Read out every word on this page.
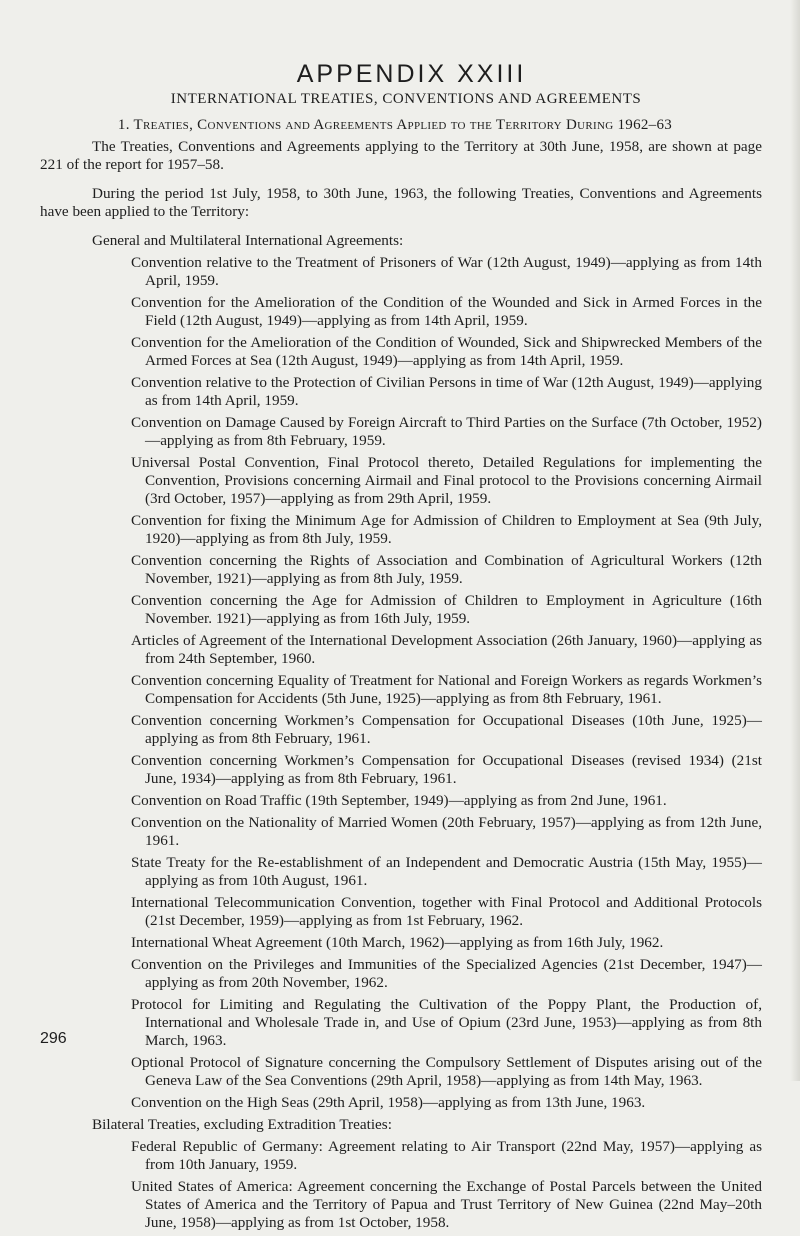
APPENDIX XXIII
INTERNATIONAL TREATIES, CONVENTIONS AND AGREEMENTS
1. Treaties, Conventions and Agreements Applied to the Territory During 1962–63

The Treaties, Conventions and Agreements applying to the Territory at 30th June, 1958, are shown at page 221 of the report for 1957–58.

During the period 1st July, 1958, to 30th June, 1963, the following Treaties, Conventions and Agreements have been applied to the Territory:

General and Multilateral International Agreements:

Convention relative to the Treatment of Prisoners of War (12th August, 1949)—applying as from 14th April, 1959.

Convention for the Amelioration of the Condition of the Wounded and Sick in Armed Forces in the Field (12th August, 1949)—applying as from 14th April, 1959.

Convention for the Amelioration of the Condition of Wounded, Sick and Shipwrecked Members of the Armed Forces at Sea (12th August, 1949)—applying as from 14th April, 1959.

Convention relative to the Protection of Civilian Persons in time of War (12th August, 1949)—applying as from 14th April, 1959.

Convention on Damage Caused by Foreign Aircraft to Third Parties on the Surface (7th October, 1952)—applying as from 8th February, 1959.

Universal Postal Convention, Final Protocol thereto, Detailed Regulations for implementing the Convention, Provisions concerning Airmail and Final protocol to the Provisions concerning Airmail (3rd October, 1957)—applying as from 29th April, 1959.

Convention for fixing the Minimum Age for Admission of Children to Employment at Sea (9th July, 1920)—applying as from 8th July, 1959.

Convention concerning the Rights of Association and Combination of Agricultural Workers (12th November, 1921)—applying as from 8th July, 1959.

Convention concerning the Age for Admission of Children to Employment in Agriculture (16th November. 1921)—applying as from 16th July, 1959.

Articles of Agreement of the International Development Association (26th January, 1960)—applying as from 24th September, 1960.

Convention concerning Equality of Treatment for National and Foreign Workers as regards Workmen’s Compensation for Accidents (5th June, 1925)—applying as from 8th February, 1961.

Convention concerning Workmen’s Compensation for Occupational Diseases (10th June, 1925)—applying as from 8th February, 1961.

Convention concerning Workmen’s Compensation for Occupational Diseases (revised 1934) (21st June, 1934)—applying as from 8th February, 1961.

Convention on Road Traffic (19th September, 1949)—applying as from 2nd June, 1961.

Convention on the Nationality of Married Women (20th February, 1957)—applying as from 12th June, 1961.

State Treaty for the Re-establishment of an Independent and Democratic Austria (15th May, 1955)—applying as from 10th August, 1961.

International Telecommunication Convention, together with Final Protocol and Additional Protocols (21st December, 1959)—applying as from 1st February, 1962.

International Wheat Agreement (10th March, 1962)—applying as from 16th July, 1962.

Convention on the Privileges and Immunities of the Specialized Agencies (21st December, 1947)—applying as from 20th November, 1962.

Protocol for Limiting and Regulating the Cultivation of the Poppy Plant, the Production of, International and Wholesale Trade in, and Use of Opium (23rd June, 1953)—applying as from 8th March, 1963.

Optional Protocol of Signature concerning the Compulsory Settlement of Disputes arising out of the Geneva Law of the Sea Conventions (29th April, 1958)—applying as from 14th May, 1963.

Convention on the High Seas (29th April, 1958)—applying as from 13th June, 1963.

Bilateral Treaties, excluding Extradition Treaties:

Federal Republic of Germany: Agreement relating to Air Transport (22nd May, 1957)—applying as from 10th January, 1959.

United States of America: Agreement concerning the Exchange of Postal Parcels between the United States of America and the Territory of Papua and Trust Territory of New Guinea (22nd May–20th June, 1958)—applying as from 1st October, 1958.

296
